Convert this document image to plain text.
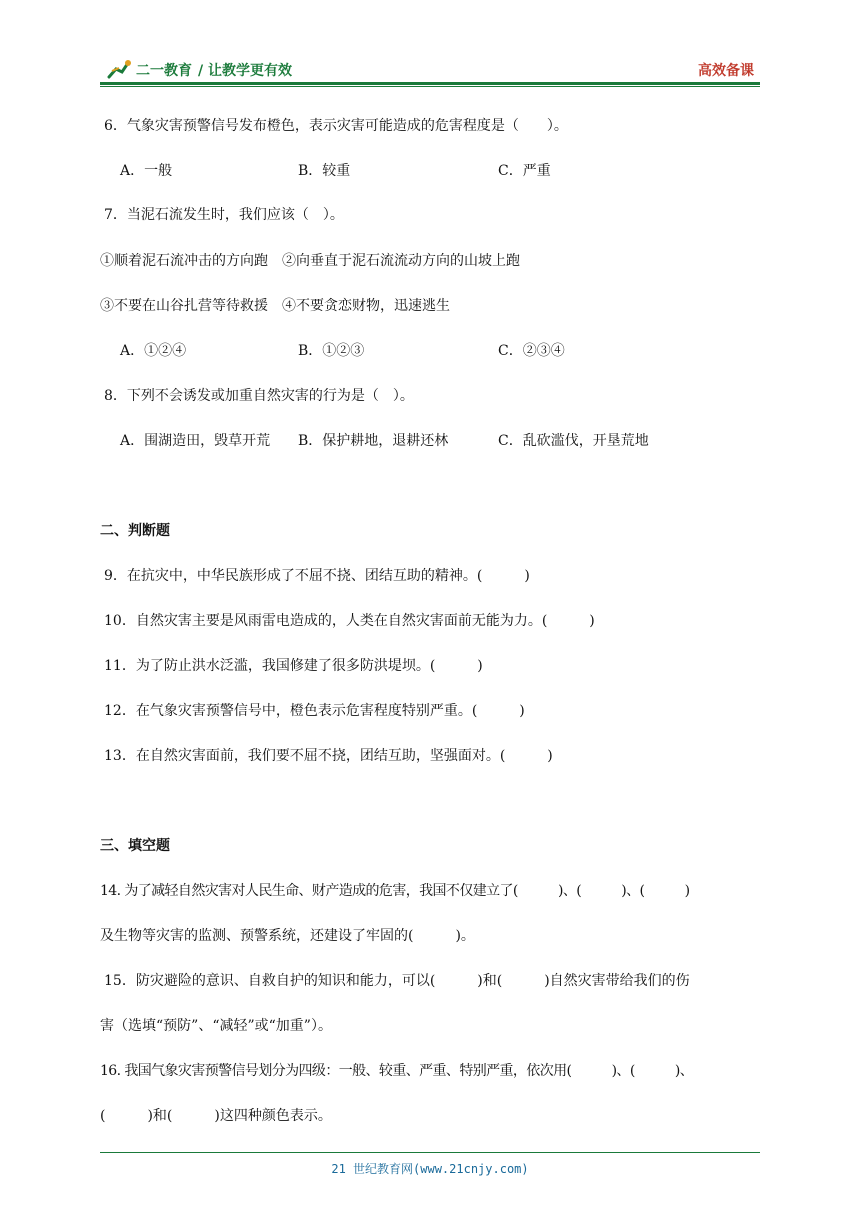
二一教育 / 让教学更有效	高效备课
6．气象灾害预警信号发布橙色，表示灾害可能造成的危害程度是（　　）。
A．一般	B．较重	C．严重
7．当泥石流发生时，我们应该（　）。
①顺着泥石流冲击的方向跑　②向垂直于泥石流流动方向的山坡上跑
③不要在山谷扎营等待救援　④不要贪恋财物，迅速逃生
A．①②④	B．①②③	C．②③④
8．下列不会诱发或加重自然灾害的行为是（　）。
A．围湖造田，毁草开荒 B．保护耕地，退耕还林	C．乱砍滥伐，开垦荒地
二、判断题
9．在抗灾中，中华民族形成了不屈不挠、团结互助的精神。(　　　)
10．自然灾害主要是风雨雷电造成的，人类在自然灾害面前无能为力。(　　　)
11．为了防止洪水泛滥，我国修建了很多防洪堤坝。(　　　)
12．在气象灾害预警信号中，橙色表示危害程度特别严重。(　　　)
13．在自然灾害面前，我们要不屈不挠，团结互助，坚强面对。(　　　)
三、填空题
14. 为了减轻自然灾害对人民生命、财产造成的危害，我国不仅建立了(　　　)、(　　　)、(　　　)
及生物等灾害的监测、预警系统，还建设了牢固的(　　　)。
15．防灾避险的意识、自救自护的知识和能力，可以(　　　)和(　　　)自然灾害带给我们的伤
害（选填“预防”、“减轻”或“加重”）。
16. 我国气象灾害预警信号划分为四级：一般、较重、严重、特别严重，依次用(　　　)、(　　　)、
(　　　)和(　　　)这四种颜色表示。
21 世纪教育网(www.21cnjy.com)
